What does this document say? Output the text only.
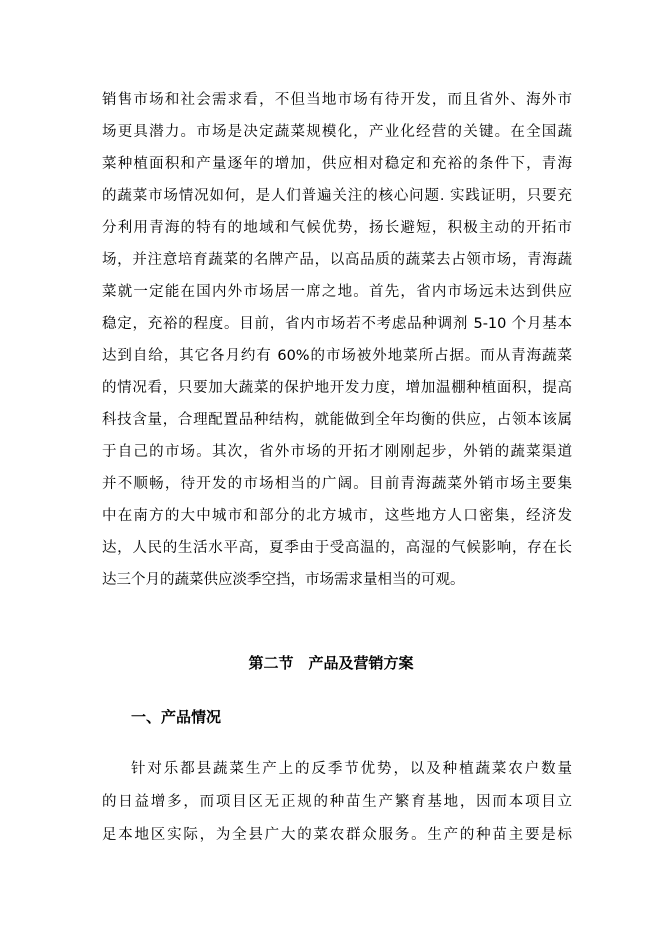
销售市场和社会需求看，不但当地市场有待开发，而且省外、海外市
场更具潜力。市场是决定蔬菜规模化，产业化经营的关键。在全国蔬
菜种植面积和产量逐年的增加，供应相对稳定和充裕的条件下，青海
的蔬菜市场情况如何，是人们普遍关注的核心问题. 实践证明，只要充
分利用青海的特有的地域和气候优势，扬长避短，积极主动的开拓市
场，并注意培育蔬菜的名牌产品，以高品质的蔬菜去占领市场，青海蔬
菜就一定能在国内外市场居一席之地。首先，省内市场远未达到供应
稳定，充裕的程度。目前，省内市场若不考虑品种调剂 5-10 个月基本
达到自给，其它各月约有 60%的市场被外地菜所占据。而从青海蔬菜
的情况看，只要加大蔬菜的保护地开发力度，增加温棚种植面积，提高
科技含量，合理配置品种结构，就能做到全年均衡的供应，占领本该属
于自己的市场。其次，省外市场的开拓才刚刚起步，外销的蔬菜渠道
并不顺畅，待开发的市场相当的广阔。目前青海蔬菜外销市场主要集
中在南方的大中城市和部分的北方城市，这些地方人口密集，经济发
达，人民的生活水平高，夏季由于受高温的，高湿的气候影响，存在长
达三个月的蔬菜供应淡季空挡，市场需求量相当的可观。
第二节　产品及营销方案
一、产品情况
针对乐都县蔬菜生产上的反季节优势，以及种植蔬菜农户数量
的日益增多，而项目区无正规的种苗生产繁育基地，因而本项目立
足本地区实际，为全县广大的菜农群众服务。生产的种苗主要是标
